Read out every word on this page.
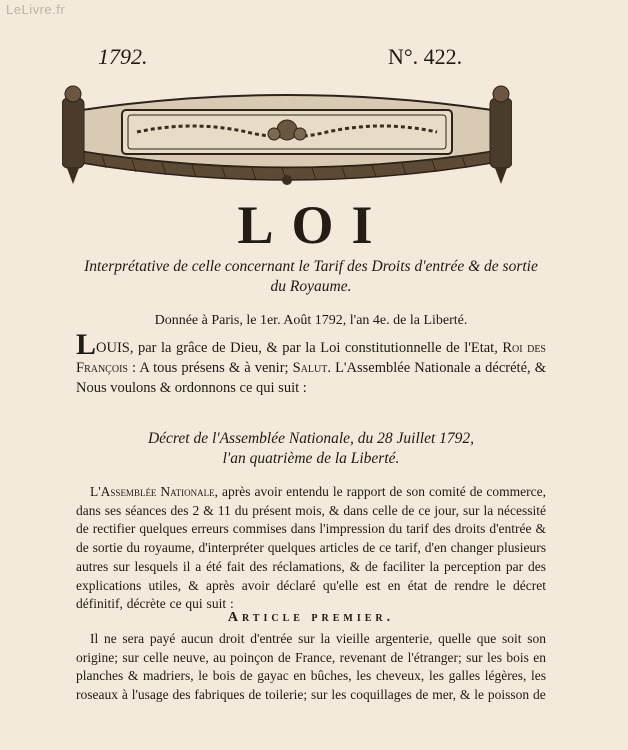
LeLivre.fr
1792.	N°. 422.
LOI
Interprétative de celle concernant le Tarif des Droits d'entrée & de sortie du Royaume.
Donnée à Paris, le 1er. Août 1792, l'an 4e. de la Liberté.
LOUIS, par la grâce de Dieu, & par la Loi constitutionnelle de l'Etat, Roi des François : A tous présens & à venir; Salut. L'Assemblée Nationale a décrété, & Nous voulons & ordonnons ce qui suit :
Décret de l'Assemblée Nationale, du 28 Juillet 1792,
l'an quatrième de la Liberté.
L'Assemblée Nationale, après avoir entendu le rapport de son comité de commerce, dans ses séances des 2 & 11 du présent mois, & dans celle de ce jour, sur la nécessité de rectifier quelques erreurs commises dans l'impression du tarif des droits d'entrée & de sortie du royaume, d'interpréter quelques articles de ce tarif, d'en changer plusieurs autres sur lesquels il a été fait des réclamations, & de faciliter la perception par des explications utiles, & après avoir déclaré qu'elle est en état de rendre le décret définitif, décrète ce qui suit :
Article premier.
Il ne sera payé aucun droit d'entrée sur la vieille argenterie, quelle que soit son origine; sur celle neuve, au poinçon de France, revenant de l'étranger; sur les bois en planches & madriers, le bois de gayac en bûches, les cheveux, les galles légères, les roseaux à l'usage des fabriques de toilerie; sur les coquillages de mer, & le poisson de
